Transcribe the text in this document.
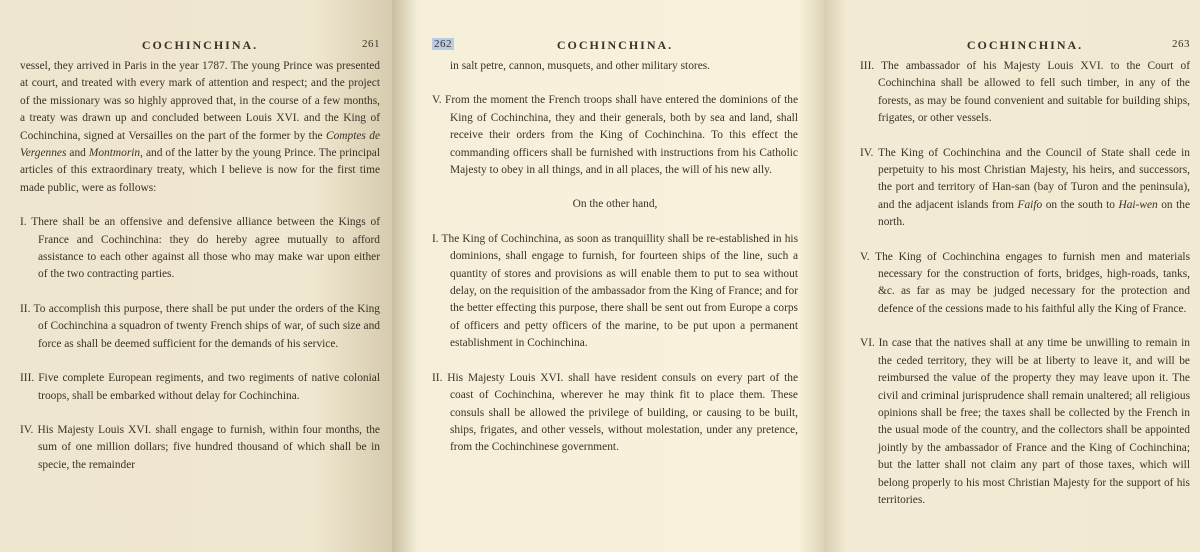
COCHINCHINA.	261

vessel, they arrived in Paris in the year 1787. The young Prince was presented at court, and treated with every mark of attention and respect; and the project of the missionary was so highly approved that, in the course of a few months, a treaty was drawn up and concluded between Louis XVI. and the King of Cochinchina, signed at Versailles on the part of the former by the Comptes de Vergennes and Montmorin, and of the latter by the young Prince. The principal articles of this extraordinary treaty, which I believe is now for the first time made public, were as follows:

I. There shall be an offensive and defensive alliance between the Kings of France and Cochinchina: they do hereby agree mutually to afford assistance to each other against all those who may make war upon either of the two contracting parties.

II. To accomplish this purpose, there shall be put under the orders of the King of Cochinchina a squadron of twenty French ships of war, of such size and force as shall be deemed sufficient for the demands of his service.

III. Five complete European regiments, and two regiments of native colonial troops, shall be embarked without delay for Cochinchina.

IV. His Majesty Louis XVI. shall engage to furnish, within four months, the sum of one million dollars; five hundred thousand of which shall be in specie, the remainder

262	COCHINCHINA.

in salt petre, cannon, musquets, and other military stores.

V. From the moment the French troops shall have entered the dominions of the King of Cochinchina, they and their generals, both by sea and land, shall receive their orders from the King of Cochinchina. To this effect the commanding officers shall be furnished with instructions from his Catholic Majesty to obey in all things, and in all places, the will of his new ally.

On the other hand,

I. The King of Cochinchina, as soon as tranquillity shall be re-established in his dominions, shall engage to furnish, for fourteen ships of the line, such a quantity of stores and provisions as will enable them to put to sea without delay, on the requisition of the ambassador from the King of France; and for the better effecting this purpose, there shall be sent out from Europe a corps of officers and petty officers of the marine, to be put upon a permanent establishment in Cochinchina.

II. His Majesty Louis XVI. shall have resident consuls on every part of the coast of Cochinchina, wherever he may think fit to place them. These consuls shall be allowed the privilege of building, or causing to be built, ships, frigates, and other vessels, without molestation, under any pretence, from the Cochinchinese government.

COCHINCHINA.	263

III. The ambassador of his Majesty Louis XVI. to the Court of Cochinchina shall be allowed to fell such timber, in any of the forests, as may be found convenient and suitable for building ships, frigates, or other vessels.

IV. The King of Cochinchina and the Council of State shall cede in perpetuity to his most Christian Majesty, his heirs, and successors, the port and territory of Han-san (bay of Turon and the peninsula), and the adjacent islands from Faifo on the south to Hai-wen on the north.

V. The King of Cochinchina engages to furnish men and materials necessary for the construction of forts, bridges, high-roads, tanks, &c. as far as may be judged necessary for the protection and defence of the cessions made to his faithful ally the King of France.

VI. In case that the natives shall at any time be unwilling to remain in the ceded territory, they will be at liberty to leave it, and will be reimbursed the value of the property they may leave upon it. The civil and criminal jurisprudence shall remain unaltered; all religious opinions shall be free; the taxes shall be collected by the French in the usual mode of the country, and the collectors shall be appointed jointly by the ambassador of France and the King of Cochinchina; but the latter shall not claim any part of those taxes, which will belong properly to his most Christian Majesty for the support of his territories.
